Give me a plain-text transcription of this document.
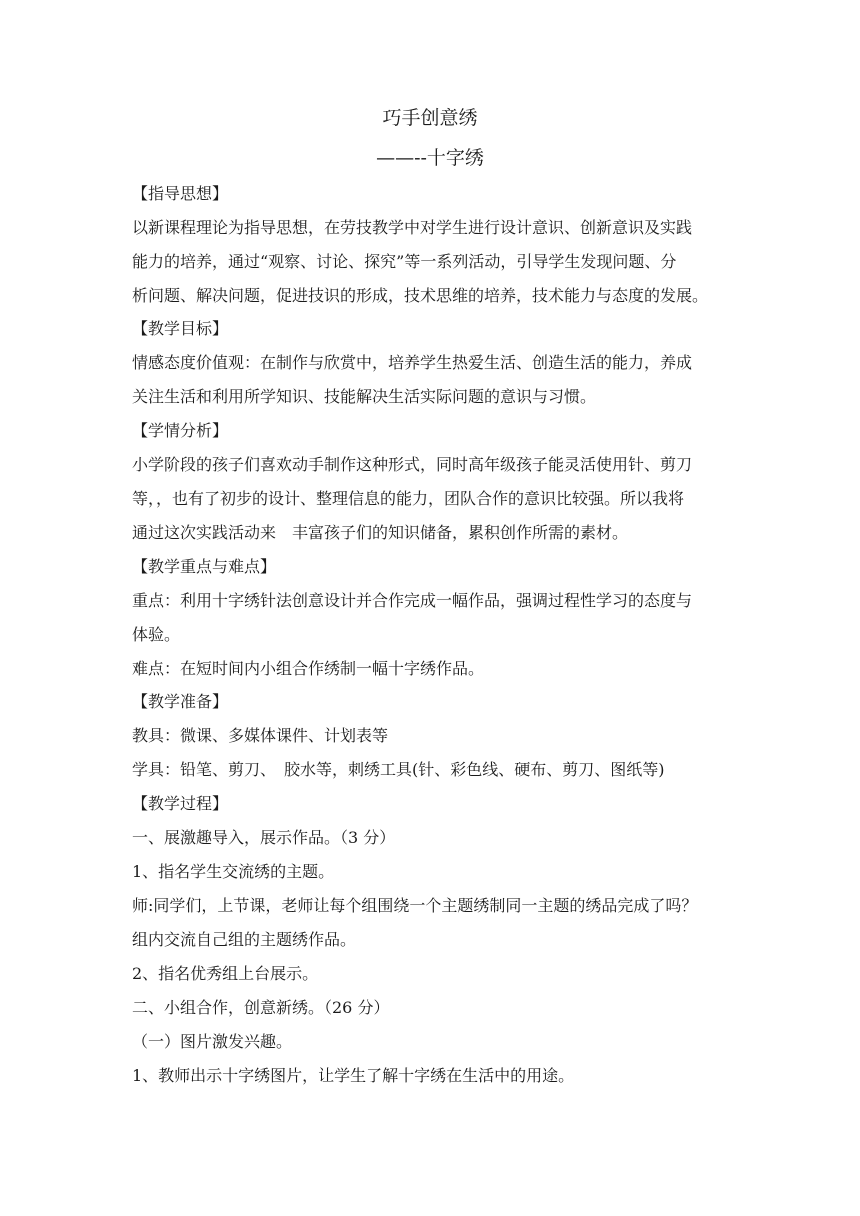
巧手创意绣
——--十字绣
【指导思想】
以新课程理论为指导思想，在劳技教学中对学生进行设计意识、创新意识及实践
能力的培养，通过“观察、讨论、探究”等一系列活动，引导学生发现问题、分
析问题、解决问题，促进技识的形成，技术思维的培养，技术能力与态度的发展。
【教学目标】
情感态度价值观：在制作与欣赏中，培养学生热爱生活、创造生活的能力，养成
关注生活和利用所学知识、技能解决生活实际问题的意识与习惯。
【学情分析】
小学阶段的孩子们喜欢动手制作这种形式，同时高年级孩子能灵活使用针、剪刀
等，，也有了初步的设计、整理信息的能力，团队合作的意识比较强。所以我将
通过这次实践活动来　丰富孩子们的知识储备，累积创作所需的素材。
【教学重点与难点】
重点：利用十字绣针法创意设计并合作完成一幅作品，强调过程性学习的态度与
体验。
难点：在短时间内小组合作绣制一幅十字绣作品。
【教学准备】
教具：微课、多媒体课件、计划表等
学具：铅笔、剪刀、　胶水等，刺绣工具(针、彩色线、硬布、剪刀、图纸等)
【教学过程】
一、展激趣导入，展示作品。（3 分）
1、指名学生交流绣的主题。
师:同学们，上节课，老师让每个组围绕一个主题绣制同一主题的绣品完成了吗？
组内交流自己组的主题绣作品。
2、指名优秀组上台展示。
二、小组合作，创意新绣。（26 分）
（一）图片激发兴趣。
1、教师出示十字绣图片，让学生了解十字绣在生活中的用途。
